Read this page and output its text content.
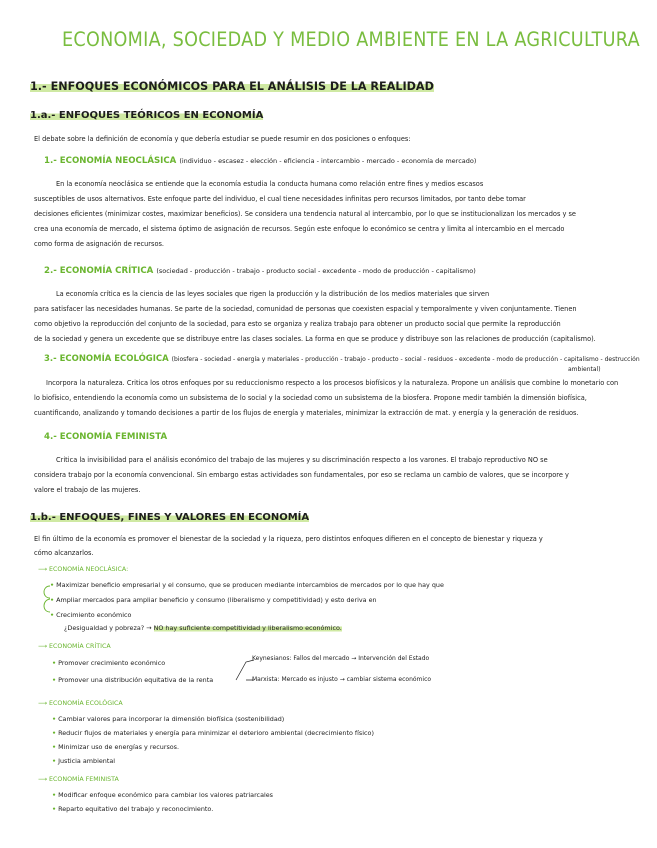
ECONOMIA, SOCIEDAD Y MEDIO AMBIENTE EN LA AGRICULTURA
1.- ENFOQUES ECONÓMICOS PARA EL ANÁLISIS DE LA REALIDAD
1.a.- ENFOQUES TEÓRICOS EN ECONOMÍA
El debate sobre la definición de economía y que debería estudiar se puede resumir en dos posiciones o enfoques:
1.- ECONOMÍA NEOCLÁSICA (individuo - escasez - elección - eficiencia - intercambio - mercado - economía de mercado)
En la economía neoclásica se entiende que la economía estudia la conducta humana como relación entre fines y medios escasos
susceptibles de usos alternativos. Este enfoque parte del individuo, el cual tiene necesidades infinitas pero recursos limitados, por tanto debe tomar
decisiones eficientes (minimizar costes, maximizar beneficios). Se considera una tendencia natural al intercambio, por lo que se institucionalizan los mercados y se
crea una economía de mercado, el sistema óptimo de asignación de recursos. Según este enfoque lo económico se centra y limita al intercambio en el mercado
como forma de asignación de recursos.
2.- ECONOMÍA CRÍTICA (sociedad - producción - trabajo - producto social - excedente - modo de producción - capitalismo)
La economía crítica es la ciencia de las leyes sociales que rigen la producción y la distribución de los medios materiales que sirven
para satisfacer las necesidades humanas. Se parte de la sociedad, comunidad de personas que coexisten espacial y temporalmente y viven conjuntamente. Tienen
como objetivo la reproducción del conjunto de la sociedad, para esto se organiza y realiza trabajo para obtener un producto social que permite la reproducción
de la sociedad y genera un excedente que se distribuye entre las clases sociales. La forma en que se produce y distribuye son las relaciones de producción (capitalismo).
3.- ECONOMÍA ECOLÓGICA (biosfera - sociedad - energía y materiales - producción - trabajo - producto - social - residuos - excedente - modo de producción - capitalismo - destrucción
ambiental)
Incorpora la naturaleza. Critica los otros enfoques por su reduccionismo respecto a los procesos biofísicos y la naturaleza. Propone un análisis que combine lo monetario con
lo biofísico, entendiendo la economía como un subsistema de lo social y la sociedad como un subsistema de la biosfera. Propone medir también la dimensión biofísica,
cuantificando, analizando y tomando decisiones a partir de los flujos de energía y materiales, minimizar la extracción de mat. y energía y la generación de residuos.
4.- ECONOMÍA FEMINISTA
Critica la invisibilidad para el análisis económico del trabajo de las mujeres y su discriminación respecto a los varones. El trabajo reproductivo NO se
considera trabajo por la economía convencional. Sin embargo estas actividades son fundamentales, por eso se reclama un cambio de valores, que se incorpore y
valore el trabajo de las mujeres.
1.b.- ENFOQUES, FINES Y VALORES EN ECONOMÍA
El fin último de la economía es promover el bienestar de la sociedad y la riqueza, pero distintos enfoques difieren en el concepto de bienestar y riqueza y
cómo alcanzarlos.
⟶ ECONOMÍA NEOCLÁSICA:
• Maximizar beneficio empresarial y el consumo, que se producen mediante intercambios de mercados por lo que hay que
• Ampliar mercados para ampliar beneficio y consumo (liberalismo y competitividad) y esto deriva en
• Crecimiento económico
¿Desigualdad y pobreza? → NO hay suficiente competitividad y liberalismo económico.
⟶ ECONOMÍA CRÍTICA
• Promover crecimiento económico
• Promover una distribución equitativa de la renta
Keynesianos: Fallos del mercado → Intervención del Estado
Marxista: Mercado es injusto → cambiar sistema económico
⟶ ECONOMÍA ECOLÓGICA
• Cambiar valores para incorporar la dimensión biofísica (sostenibilidad)
• Reducir flujos de materiales y energía para minimizar el deterioro ambiental (decrecimiento físico)
• Minimizar uso de energías y recursos.
• Justicia ambiental
⟶ ECONOMÍA FEMINISTA
• Modificar enfoque económico para cambiar los valores patriarcales
• Reparto equitativo del trabajo y reconocimiento.
